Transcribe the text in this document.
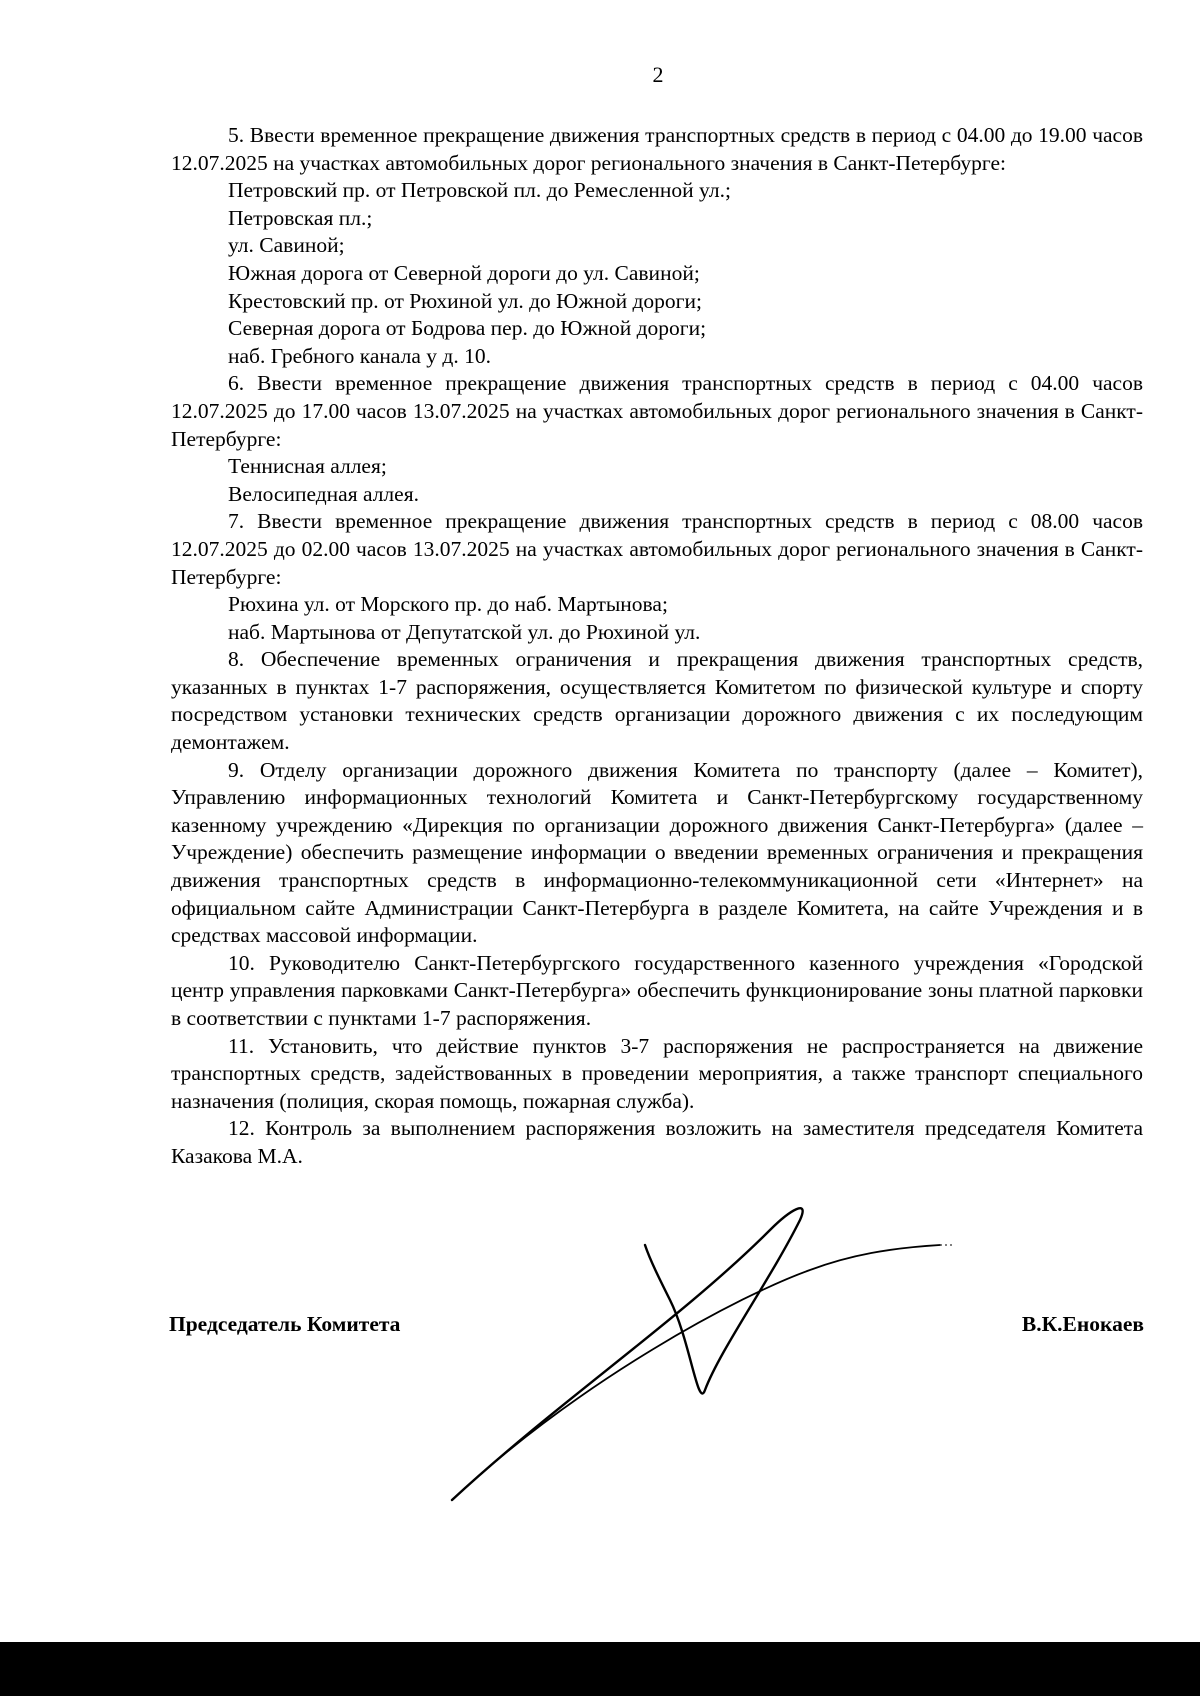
2

5. Ввести временное прекращение движения транспортных средств в период с 04.00 до 19.00 часов 12.07.2025 на участках автомобильных дорог регионального значения в Санкт-Петербурге:

Петровский пр. от Петровской пл. до Ремесленной ул.;

Петровская пл.;

ул. Савиной;

Южная дорога от Северной дороги до ул. Савиной;

Крестовский пр. от Рюхиной ул. до Южной дороги;

Северная дорога от Бодрова пер. до Южной дороги;

наб. Гребного канала у д. 10.

6. Ввести временное прекращение движения транспортных средств в период с 04.00 часов 12.07.2025 до 17.00 часов 13.07.2025 на участках автомобильных дорог регионального значения в Санкт-Петербурге:

Теннисная аллея;

Велосипедная аллея.

7. Ввести временное прекращение движения транспортных средств в период с 08.00 часов 12.07.2025 до 02.00 часов 13.07.2025 на участках автомобильных дорог регионального значения в Санкт-Петербурге:

Рюхина ул. от Морского пр. до наб. Мартынова;

наб. Мартынова от Депутатской ул. до Рюхиной ул.

8. Обеспечение временных ограничения и прекращения движения транспортных средств, указанных в пунктах 1-7 распоряжения, осуществляется Комитетом по физической культуре и спорту посредством установки технических средств организации дорожного движения с их последующим демонтажем.

9. Отделу организации дорожного движения Комитета по транспорту (далее – Комитет), Управлению информационных технологий Комитета и Санкт-Петербургскому государственному казенному учреждению «Дирекция по организации дорожного движения Санкт-Петербурга» (далее – Учреждение) обеспечить размещение информации о введении временных ограничения и прекращения движения транспортных средств в информационно-телекоммуникационной сети «Интернет» на официальном сайте Администрации Санкт-Петербурга в разделе Комитета, на сайте Учреждения и в средствах массовой информации.

10. Руководителю Санкт-Петербургского государственного казенного учреждения «Городской центр управления парковками Санкт-Петербурга» обеспечить функционирование зоны платной парковки в соответствии с пунктами 1-7 распоряжения.

11. Установить, что действие пунктов 3-7 распоряжения не распространяется на движение транспортных средств, задействованных в проведении мероприятия, а также транспорт специального назначения (полиция, скорая помощь, пожарная служба).

12. Контроль за выполнением распоряжения возложить на заместителя председателя Комитета Казакова М.А.

Председатель Комитета	В.К.Енокаев
